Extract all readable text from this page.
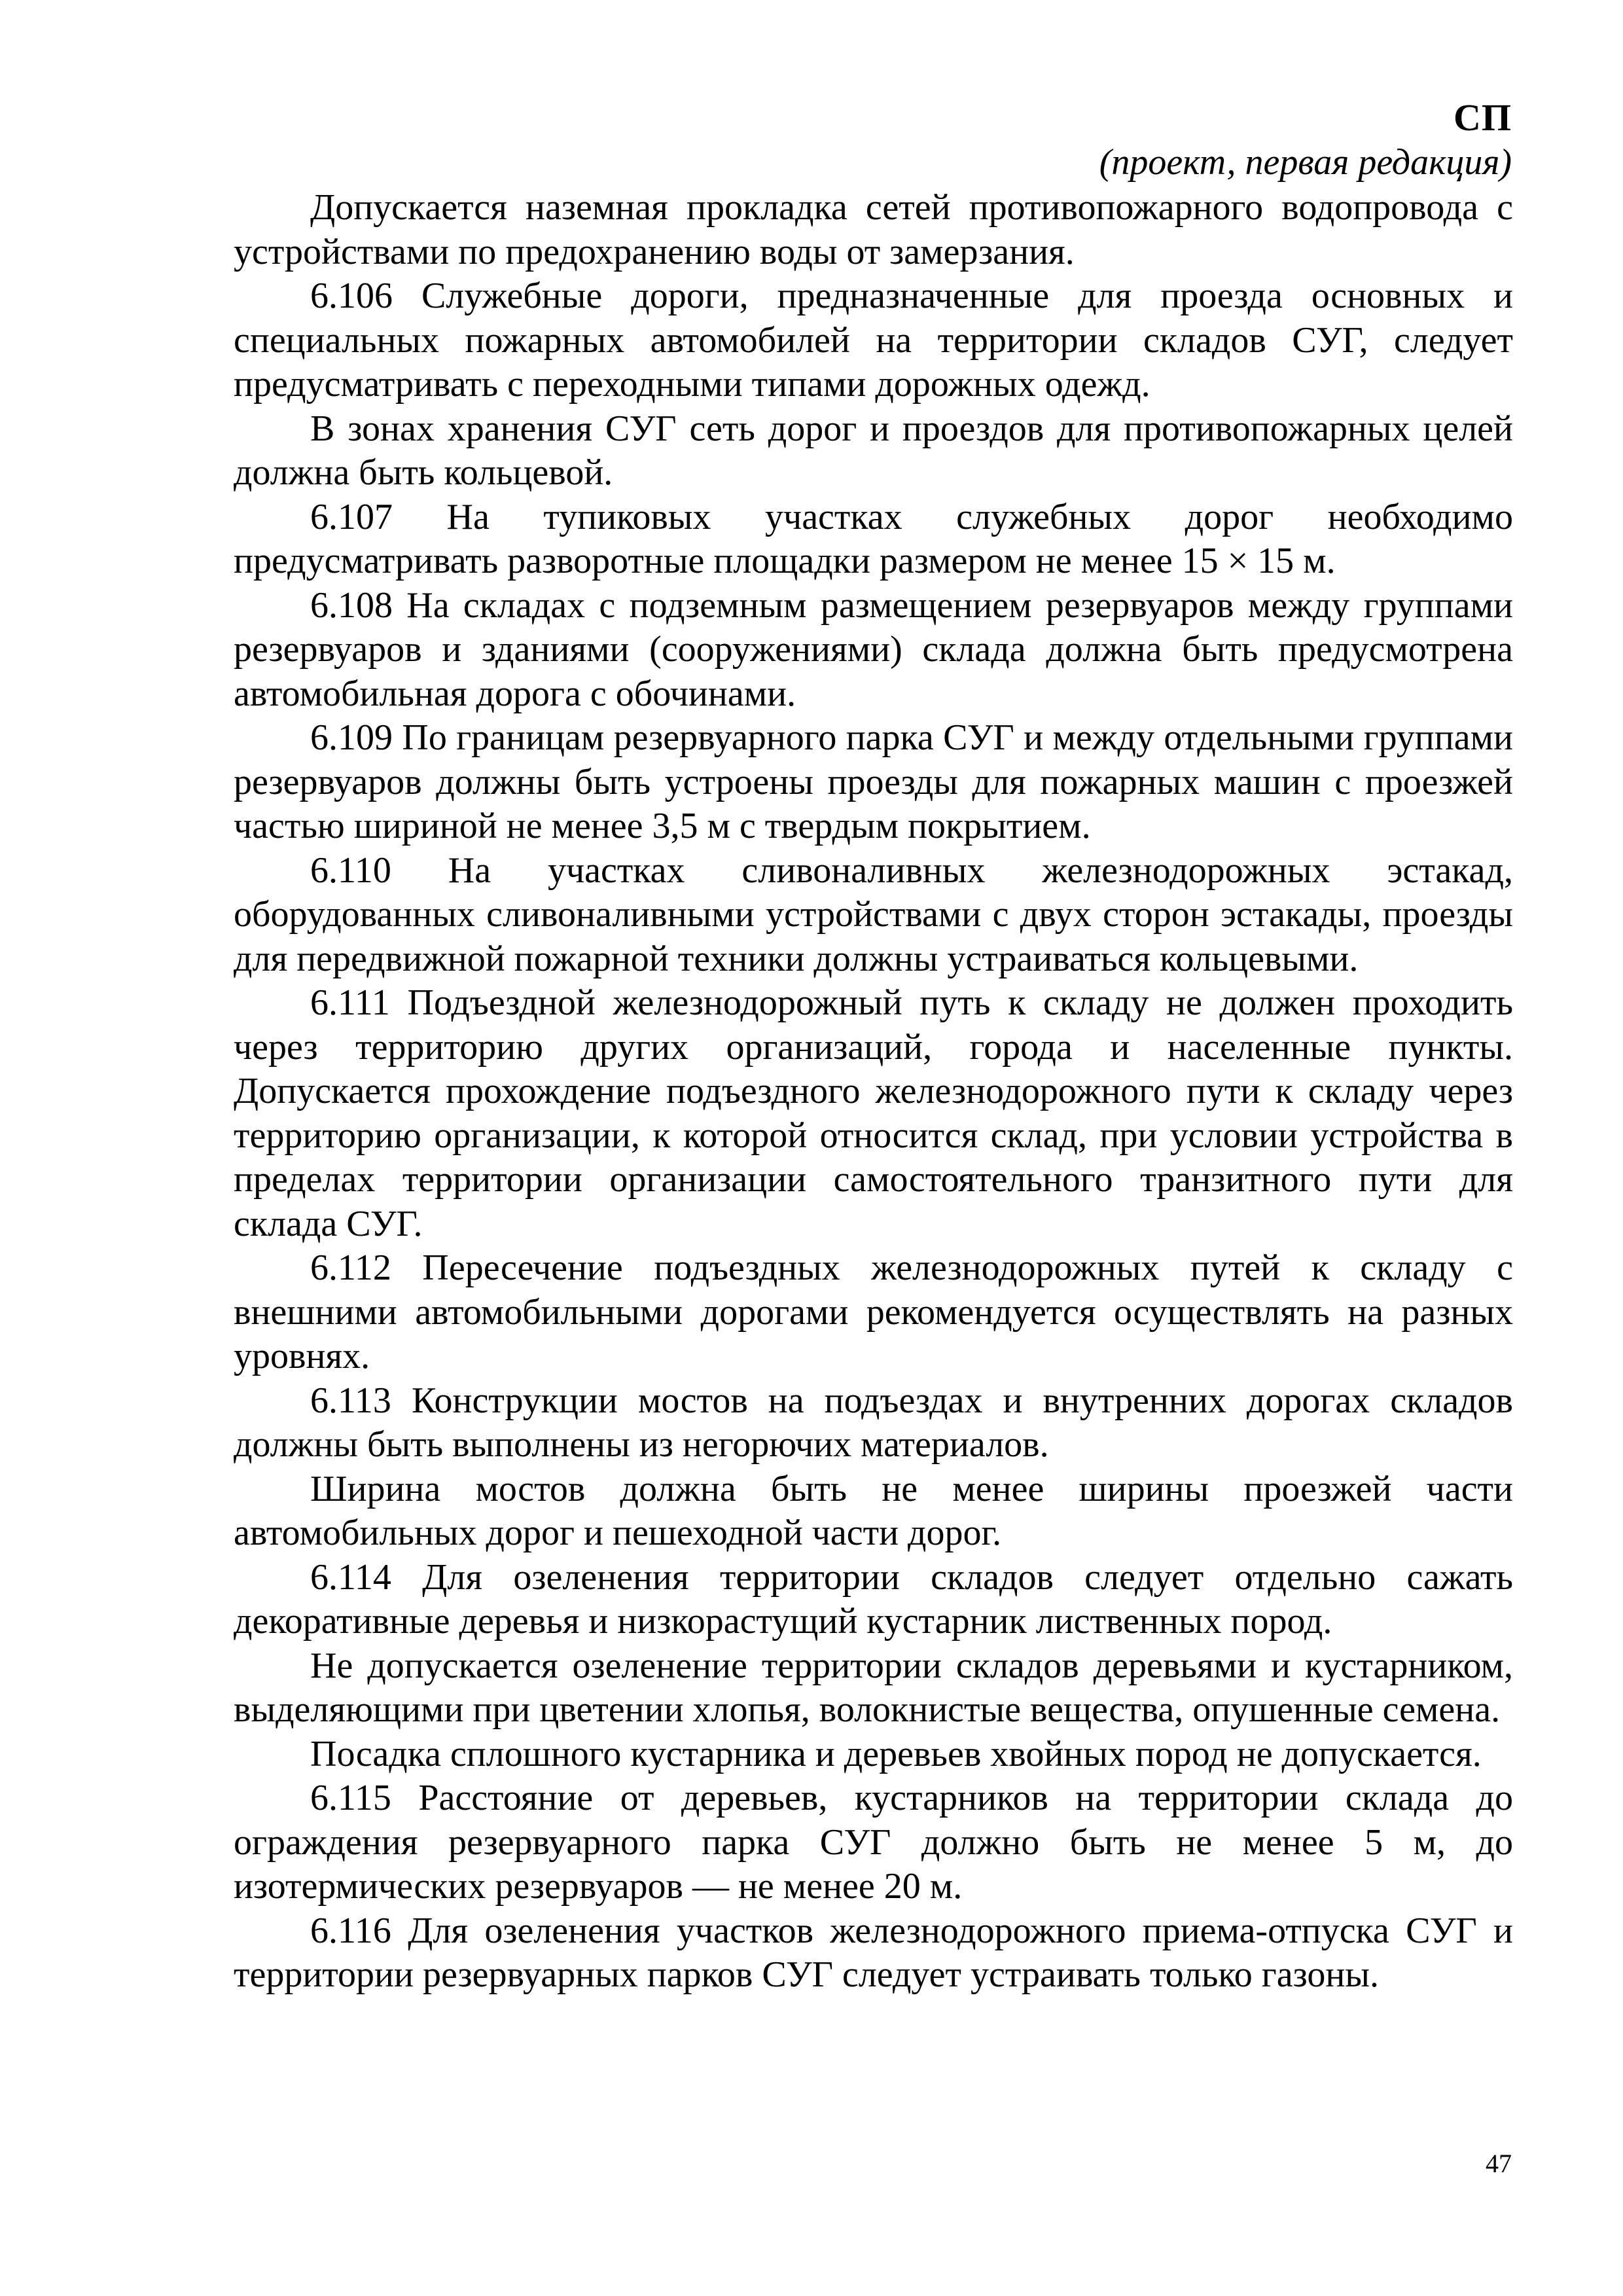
СП
(проект, первая редакция)

Допускается наземная прокладка сетей противопожарного водопровода с устройствами по предохранению воды от замерзания.

6.106 Служебные дороги, предназначенные для проезда основных и специальных пожарных автомобилей на территории складов СУГ, следует предусматривать с переходными типами дорожных одежд.

В зонах хранения СУГ сеть дорог и проездов для противопожарных целей должна быть кольцевой.

6.107 На тупиковых участках служебных дорог необходимо предусматривать разворотные площадки размером не менее 15 × 15 м.

6.108 На складах с подземным размещением резервуаров между группами резервуаров и зданиями (сооружениями) склада должна быть предусмотрена автомобильная дорога с обочинами.

6.109 По границам резервуарного парка СУГ и между отдельными группами резервуаров должны быть устроены проезды для пожарных машин с проезжей частью шириной не менее 3,5 м с твердым покрытием.

6.110 На участках сливоналивных железнодорожных эстакад, оборудованных сливоналивными устройствами с двух сторон эстакады, проезды для передвижной пожарной техники должны устраиваться кольцевыми.

6.111 Подъездной железнодорожный путь к складу не должен проходить через территорию других организаций, города и населенные пункты. Допускается прохождение подъездного железнодорожного пути к складу через территорию организации, к которой относится склад, при условии устройства в пределах территории организации самостоятельного транзитного пути для склада СУГ.

6.112 Пересечение подъездных железнодорожных путей к складу с внешними автомобильными дорогами рекомендуется осуществлять на разных уровнях.

6.113 Конструкции мостов на подъездах и внутренних дорогах складов должны быть выполнены из негорючих материалов.

Ширина мостов должна быть не менее ширины проезжей части автомобильных дорог и пешеходной части дорог.

6.114 Для озеленения территории складов следует отдельно сажать декоративные деревья и низкорастущий кустарник лиственных пород.

Не допускается озеленение территории складов деревьями и кустарником, выделяющими при цветении хлопья, волокнистые вещества, опушенные семена.

Посадка сплошного кустарника и деревьев хвойных пород не допускается.

6.115 Расстояние от деревьев, кустарников на территории склада до ограждения резервуарного парка СУГ должно быть не менее 5 м, до изотермических резервуаров — не менее 20 м.

6.116 Для озеленения участков железнодорожного приема-отпуска СУГ и территории резервуарных парков СУГ следует устраивать только газоны.

47
